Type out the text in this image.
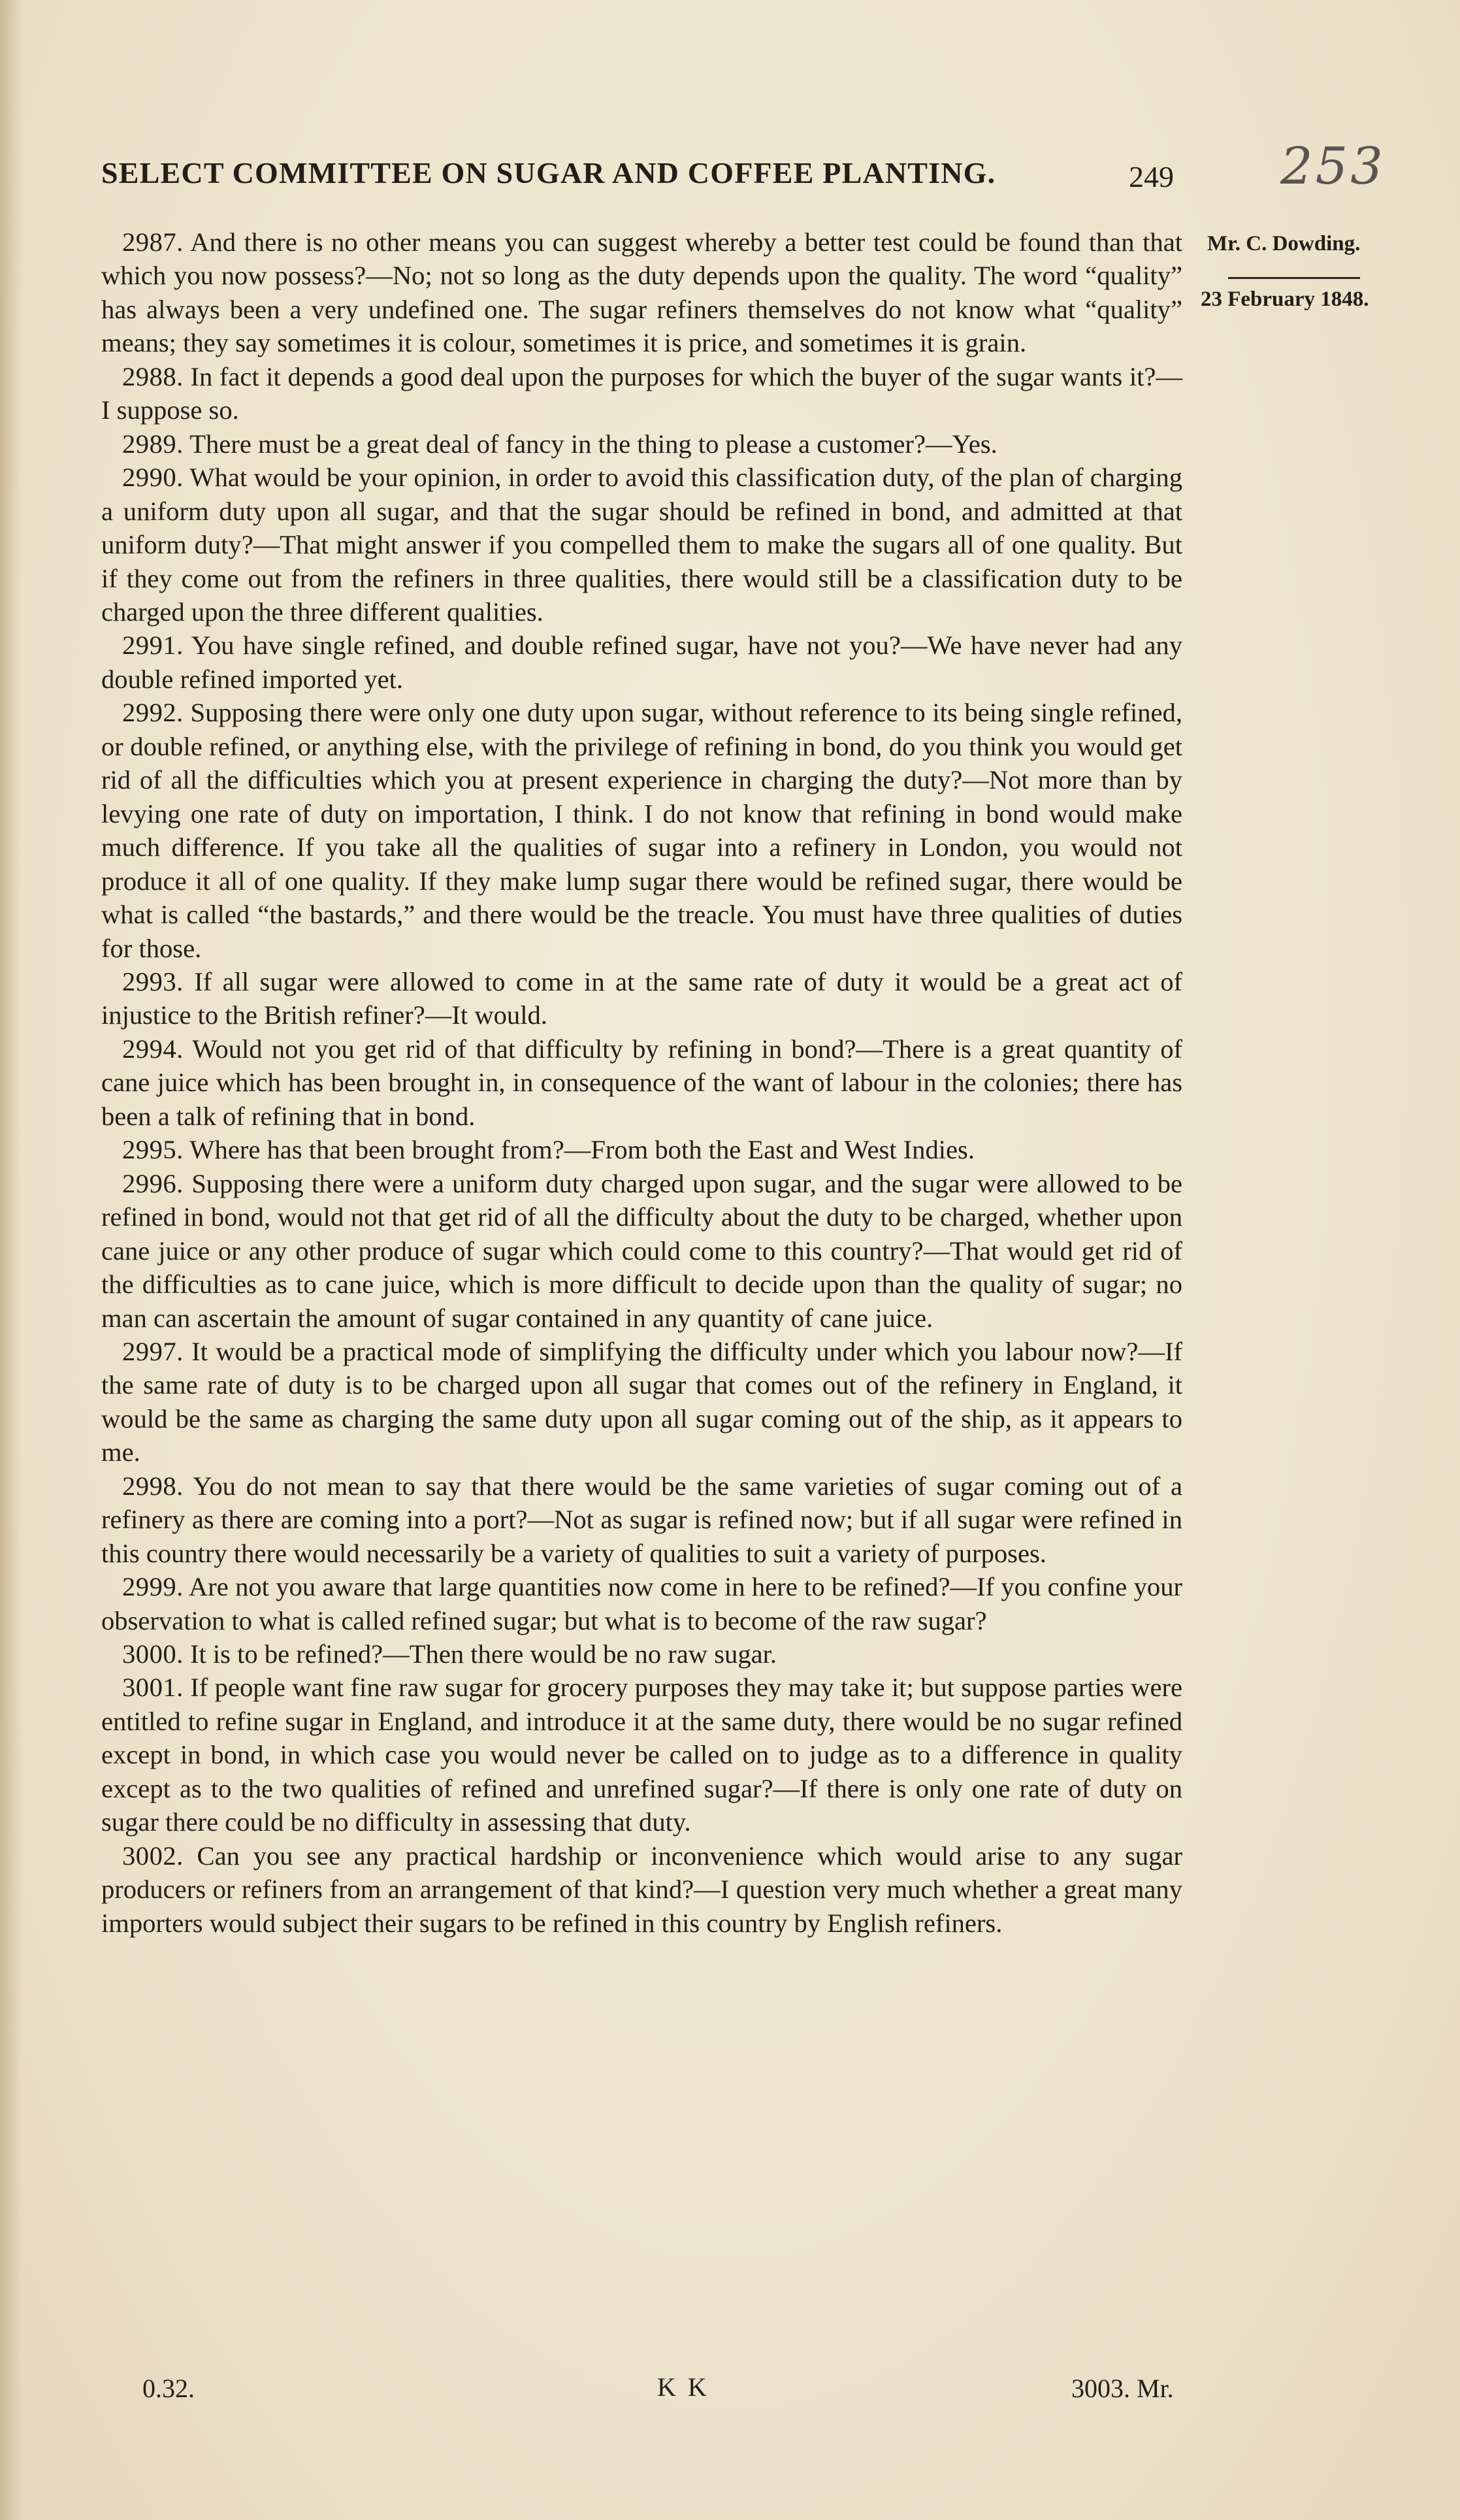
SELECT COMMITTEE ON SUGAR AND COFFEE PLANTING.	249 253
Mr. C. Dowding.
23 February 1848.

2987. And there is no other means you can suggest whereby a better test could be found than that which you now possess?—No; not so long as the duty depends upon the quality. The word “quality” has always been a very undefined one. The sugar refiners themselves do not know what “quality” means; they say sometimes it is colour, sometimes it is price, and sometimes it is grain.

2988. In fact it depends a good deal upon the purposes for which the buyer of the sugar wants it?—I suppose so.

2989. There must be a great deal of fancy in the thing to please a customer?—Yes.

2990. What would be your opinion, in order to avoid this classification duty, of the plan of charging a uniform duty upon all sugar, and that the sugar should be refined in bond, and admitted at that uniform duty?—That might answer if you compelled them to make the sugars all of one quality. But if they come out from the refiners in three qualities, there would still be a classification duty to be charged upon the three different qualities.

2991. You have single refined, and double refined sugar, have not you?—We have never had any double refined imported yet.

2992. Supposing there were only one duty upon sugar, without reference to its being single refined, or double refined, or anything else, with the privilege of refining in bond, do you think you would get rid of all the difficulties which you at present experience in charging the duty?—Not more than by levying one rate of duty on importation, I think. I do not know that refining in bond would make much difference. If you take all the qualities of sugar into a refinery in London, you would not produce it all of one quality. If they make lump sugar there would be refined sugar, there would be what is called “the bastards,” and there would be the treacle. You must have three qualities of duties for those.

2993. If all sugar were allowed to come in at the same rate of duty it would be a great act of injustice to the British refiner?—It would.

2994. Would not you get rid of that difficulty by refining in bond?—There is a great quantity of cane juice which has been brought in, in consequence of the want of labour in the colonies; there has been a talk of refining that in bond.

2995. Where has that been brought from?—From both the East and West Indies.

2996. Supposing there were a uniform duty charged upon sugar, and the sugar were allowed to be refined in bond, would not that get rid of all the difficulty about the duty to be charged, whether upon cane juice or any other produce of sugar which could come to this country?—That would get rid of the difficulties as to cane juice, which is more difficult to decide upon than the quality of sugar; no man can ascertain the amount of sugar contained in any quantity of cane juice.

2997. It would be a practical mode of simplifying the difficulty under which you labour now?—If the same rate of duty is to be charged upon all sugar that comes out of the refinery in England, it would be the same as charging the same duty upon all sugar coming out of the ship, as it appears to me.

2998. You do not mean to say that there would be the same varieties of sugar coming out of a refinery as there are coming into a port?—Not as sugar is refined now; but if all sugar were refined in this country there would necessarily be a variety of qualities to suit a variety of purposes.

2999. Are not you aware that large quantities now come in here to be refined?—If you confine your observation to what is called refined sugar; but what is to become of the raw sugar?

3000. It is to be refined?—Then there would be no raw sugar.

3001. If people want fine raw sugar for grocery purposes they may take it; but suppose parties were entitled to refine sugar in England, and introduce it at the same duty, there would be no sugar refined except in bond, in which case you would never be called on to judge as to a difference in quality except as to the two qualities of refined and unrefined sugar?—If there is only one rate of duty on sugar there could be no difficulty in assessing that duty.

3002. Can you see any practical hardship or inconvenience which would arise to any sugar producers or refiners from an arrangement of that kind?—I question very much whether a great many importers would subject their sugars to be refined in this country by English refiners.

0.32.	K K	3003. Mr.
